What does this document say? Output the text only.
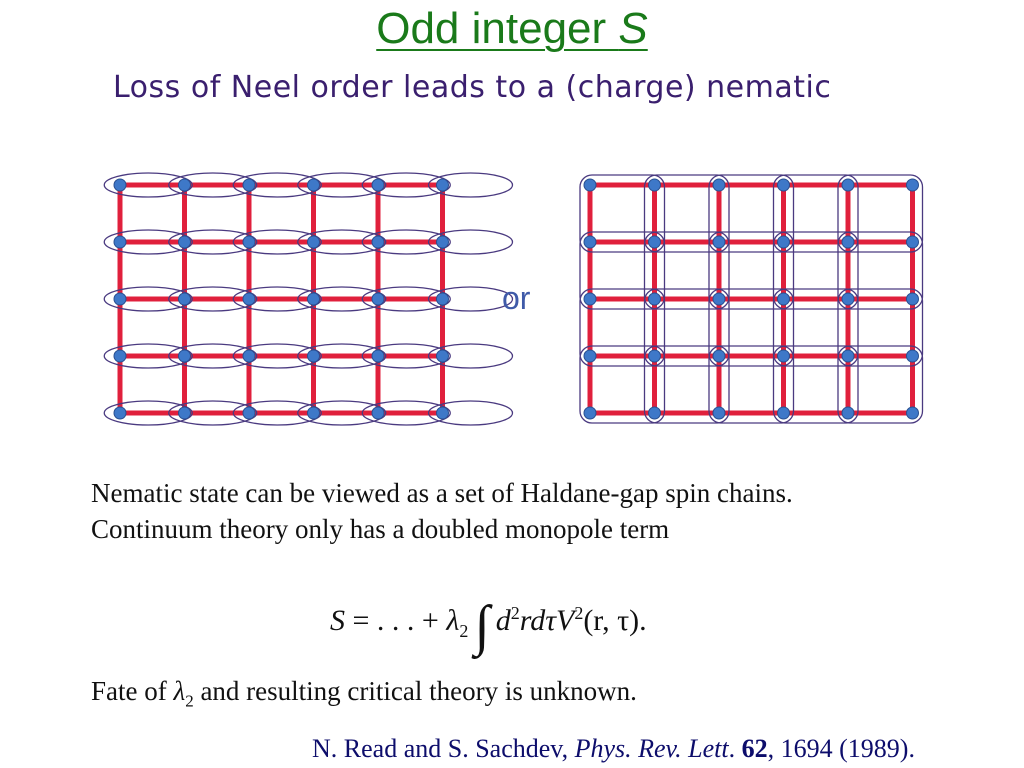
Odd integer S
Loss of Neel order leads to a (charge) nematic
or
Nematic state can be viewed as a set of Haldane-gap spin chains.
Continuum theory only has a doubled monopole term
S = . . . + $\lambda_2$ ∫ $d^2rd\tau V^2(r$, τ).
Fate of $\lambda_2$ and resulting critical theory is unknown.
N. Read and S. Sachdev, Phys. Rev. Lett. 62, 1694 (1989).
